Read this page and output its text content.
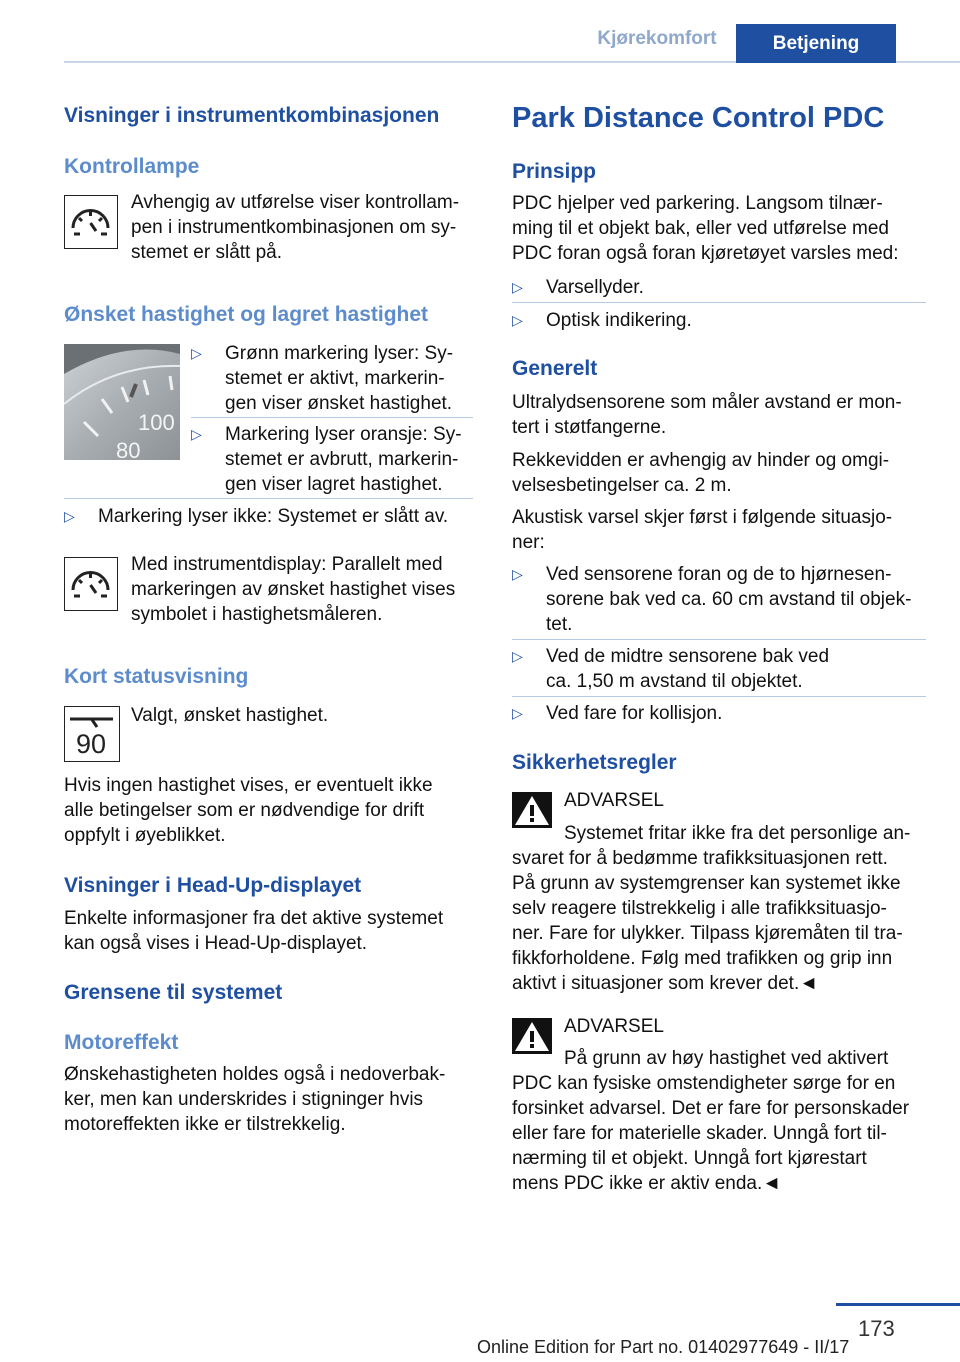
Kjørekomfort	Betjening
Visninger i instrumentkombinasjonen
Kontrollampe
Avhengig av utførelse viser kontrollam-
pen i instrumentkombinasjonen om sy-
stemet er slått på.
Ønsket hastighet og lagret hastighet
100
80
▷	Grønn markering lyser: Sy-
stemet er aktivt, markerin-
gen viser ønsket hastighet.
▷	Markering lyser oransje: Sy-
stemet er avbrutt, markerin-
gen viser lagret hastighet.
▷	Markering lyser ikke: Systemet er slått av.
Med instrumentdisplay: Parallelt med
markeringen av ønsket hastighet vises
symbolet i hastighetsmåleren.
Kort statusvisning
90
Valgt, ønsket hastighet.
Hvis ingen hastighet vises, er eventuelt ikke
alle betingelser som er nødvendige for drift
oppfylt i øyeblikket.
Visninger i Head-Up-displayet
Enkelte informasjoner fra det aktive systemet
kan også vises i Head-Up-displayet.
Grensene til systemet
Motoreffekt
Ønskehastigheten holdes også i nedoverbak-
ker, men kan underskrides i stigninger hvis
motoreffekten ikke er tilstrekkelig.
Park Distance Control PDC
Prinsipp
PDC hjelper ved parkering. Langsom tilnær-
ming til et objekt bak, eller ved utførelse med
PDC foran også foran kjøretøyet varsles med:
▷	Varsellyder.
▷	Optisk indikering.
Generelt
Ultralydsensorene som måler avstand er mon-
tert i støtfangerne.
Rekkevidden er avhengig av hinder og omgi-
velsesbetingelser ca. 2 m.
Akustisk varsel skjer først i følgende situasjo-
ner:
▷	Ved sensorene foran og de to hjørnesen-
sorene bak ved ca. 60 cm avstand til objek-
tet.
▷	Ved de midtre sensorene bak ved
ca. 1,50 m avstand til objektet.
▷	Ved fare for kollisjon.
Sikkerhetsregler
ADVARSEL
Systemet fritar ikke fra det personlige an-
svaret for å bedømme trafikksituasjonen rett.
På grunn av systemgrenser kan systemet ikke
selv reagere tilstrekkelig i alle trafikksituasjo-
ner. Fare for ulykker. Tilpass kjøremåten til tra-
fikkforholdene. Følg med trafikken og grip inn
aktivt i situasjoner som krever det.◄
ADVARSEL
På grunn av høy hastighet ved aktivert
PDC kan fysiske omstendigheter sørge for en
forsinket advarsel. Det er fare for personskader
eller fare for materielle skader. Unngå fort til-
nærming til et objekt. Unngå fort kjørestart
mens PDC ikke er aktiv enda.◄
173
Online Edition for Part no. 01402977649 - II/17
